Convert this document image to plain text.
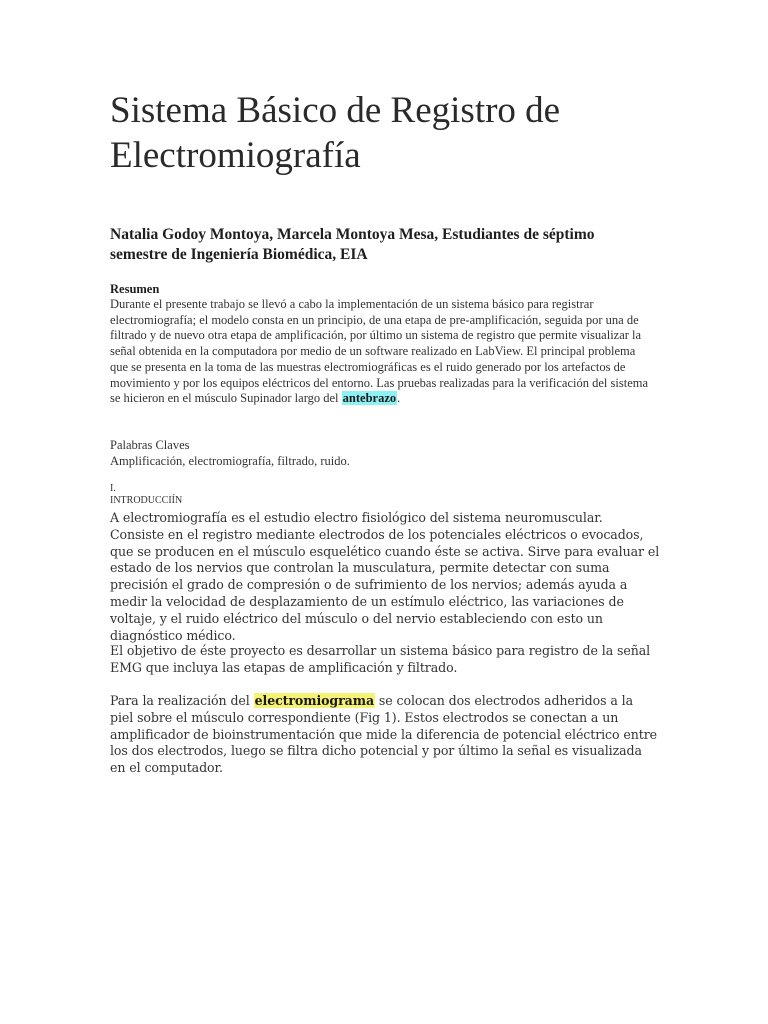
Sistema Básico de Registro de Electromiografía

Natalia Godoy Montoya, Marcela Montoya Mesa, Estudiantes de séptimo semestre de Ingeniería Biomédica, EIA

Resumen

Durante el presente trabajo se llevó a cabo la implementación de un sistema básico para registrar electromiografía; el modelo consta en un principio, de una etapa de pre-amplificación, seguida por una de filtrado y de nuevo otra etapa de amplificación, por último un sistema de registro que permite visualizar la señal obtenida en la computadora por medio de un software realizado en LabView. El principal problema que se presenta en la toma de las muestras electromiográficas es el ruido generado por los artefactos de movimiento y por los equipos eléctricos del entorno. Las pruebas realizadas para la verificación del sistema se hicieron en el músculo Supinador largo del antebrazo.

Palabras Claves
Amplificación, electromiografía, filtrado, ruido.
I.
INTRODUCCIÍN

A electromiografía es el estudio electro fisiológico del sistema neuromuscular. Consiste en el registro mediante electrodos de los potenciales eléctricos o evocados, que se producen en el músculo esquelético cuando éste se activa. Sirve para evaluar el estado de los nervios que controlan la musculatura, permite detectar con suma precisión el grado de compresión o de sufrimiento de los nervios; además ayuda a medir la velocidad de desplazamiento de un estímulo eléctrico, las variaciones de voltaje, y el ruido eléctrico del músculo o del nervio estableciendo con esto un diagnóstico médico.

El objetivo de éste proyecto es desarrollar un sistema básico para registro de la señal EMG que incluya las etapas de amplificación y filtrado.

Para la realización del electromiograma se colocan dos electrodos adheridos a la piel sobre el músculo correspondiente (Fig 1). Estos electrodos se conectan a un amplificador de bioinstrumentación que mide la diferencia de potencial eléctrico entre los dos electrodos, luego se filtra dicho potencial y por último la señal es visualizada en el computador.
